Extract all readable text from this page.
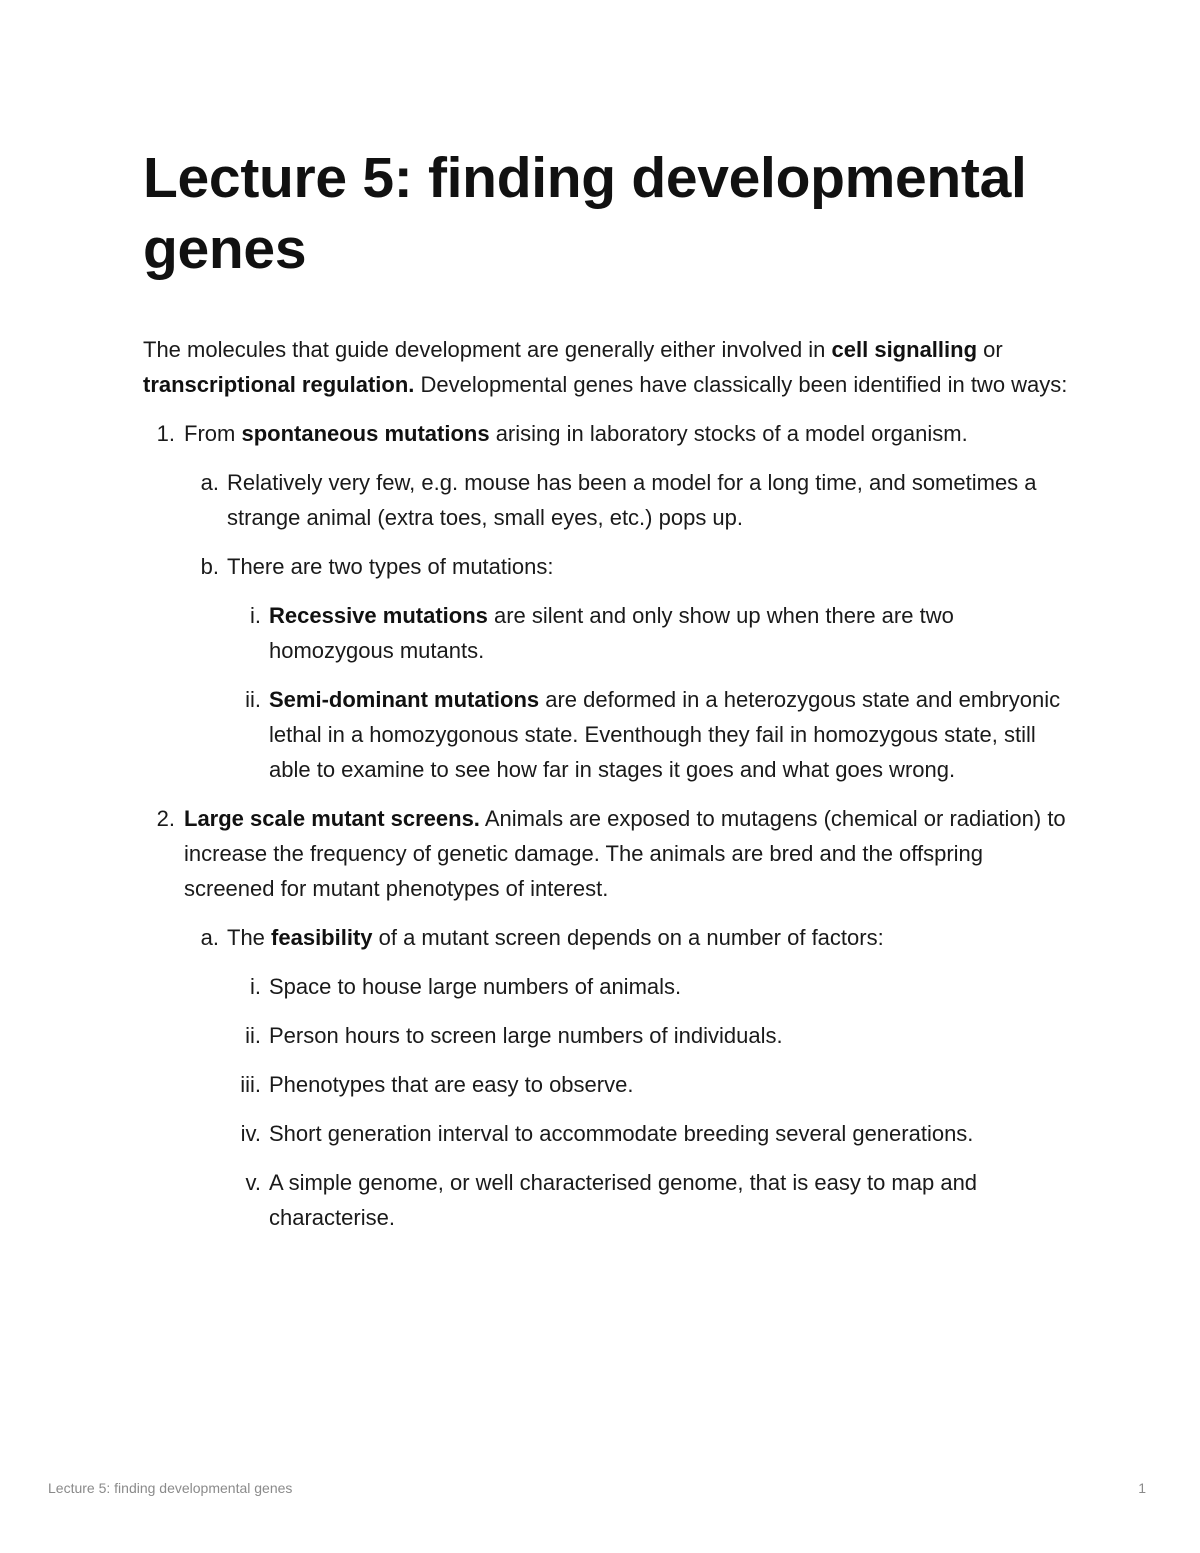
Lecture 5: finding developmental genes

The molecules that guide development are generally either involved in cell signalling or transcriptional regulation. Developmental genes have classically been identified in two ways:

1. From spontaneous mutations arising in laboratory stocks of a model organism.
a. Relatively very few, e.g. mouse has been a model for a long time, and sometimes a strange animal (extra toes, small eyes, etc.) pops up.
b. There are two types of mutations:
i. Recessive mutations are silent and only show up when there are two homozygous mutants.
ii. Semi-dominant mutations are deformed in a heterozygous state and embryonic lethal in a homozygonous state. Eventhough they fail in homozygous state, still able to examine to see how far in stages it goes and what goes wrong.
2. Large scale mutant screens. Animals are exposed to mutagens (chemical or radiation) to increase the frequency of genetic damage. The animals are bred and the offspring screened for mutant phenotypes of interest.
a. The feasibility of a mutant screen depends on a number of factors:
i. Space to house large numbers of animals.
ii. Person hours to screen large numbers of individuals.
iii. Phenotypes that are easy to observe.
iv. Short generation interval to accommodate breeding several generations.
v. A simple genome, or well characterised genome, that is easy to map and characterise.
Lecture 5: finding developmental genes	1
